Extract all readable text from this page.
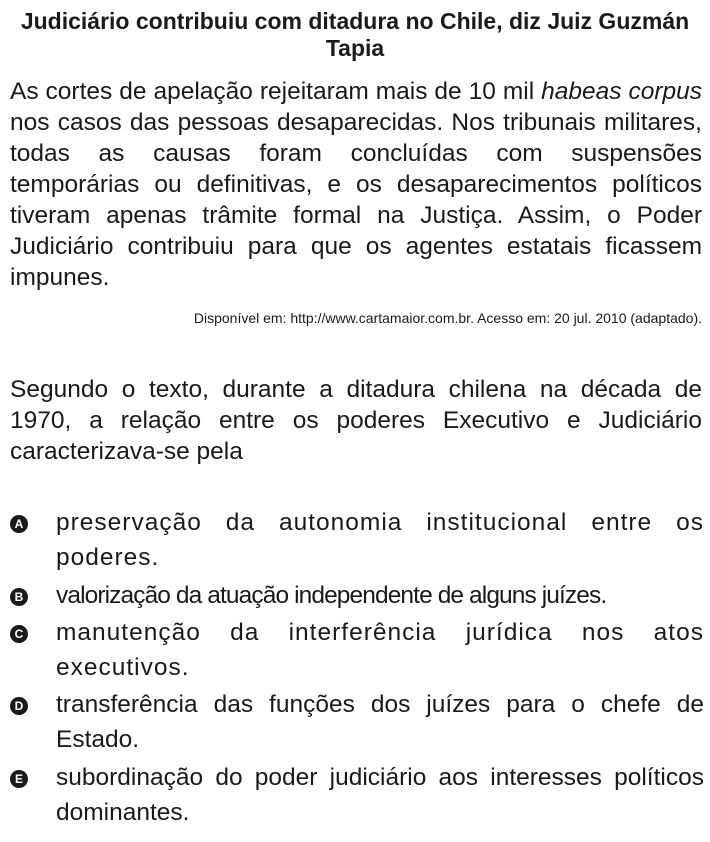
Judiciário contribuiu com ditadura no Chile, diz Juiz Guzmán Tapia

As cortes de apelação rejeitaram mais de 10 mil habeas corpus nos casos das pessoas desaparecidas. Nos tribunais militares, todas as causas foram concluídas com suspensões temporárias ou definitivas, e os desaparecimentos políticos tiveram apenas trâmite formal na Justiça. Assim, o Poder Judiciário contribuiu para que os agentes estatais ficassem impunes.

Disponível em: http://www.cartamaior.com.br. Acesso em: 20 jul. 2010 (adaptado).

Segundo o texto, durante a ditadura chilena na década de 1970, a relação entre os poderes Executivo e Judiciário caracterizava-se pela

A preservação da autonomia institucional entre os poderes.
B valorização da atuação independente de alguns juízes.
C manutenção da interferência jurídica nos atos executivos.
D transferência das funções dos juízes para o chefe de Estado.
E subordinação do poder judiciário aos interesses políticos dominantes.
